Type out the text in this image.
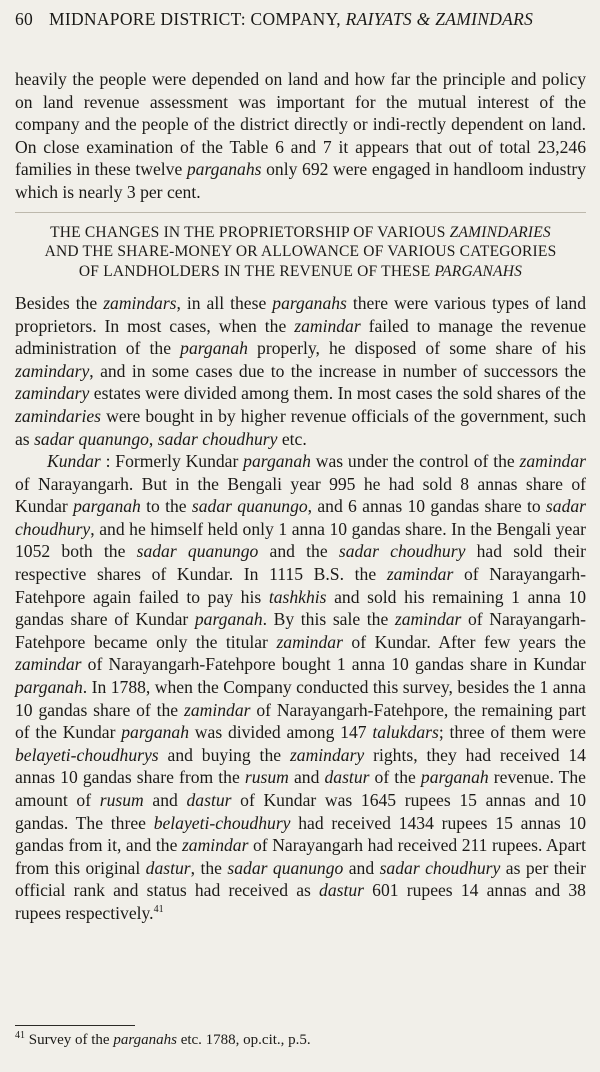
60 MIDNAPORE DISTRICT: COMPANY, RAIYATS & ZAMINDARS

heavily the people were depended on land and how far the principle and policy on land revenue assessment was important for the mutual interest of the company and the people of the district directly or indi-rectly dependent on land. On close examination of the Table 6 and 7 it appears that out of total 23,246 families in these twelve parganahs only 692 were engaged in handloom industry which is nearly 3 per cent.

THE CHANGES IN THE PROPRIETORSHIP OF VARIOUS ZAMINDARIES
AND THE SHARE-MONEY OR ALLOWANCE OF VARIOUS CATEGORIES
OF LANDHOLDERS IN THE REVENUE OF THESE PARGANAHS

Besides the zamindars, in all these parganahs there were various types of land proprietors. In most cases, when the zamindar failed to manage the revenue administration of the parganah properly, he disposed of some share of his zamindary, and in some cases due to the increase in number of successors the zamindary estates were divided among them. In most cases the sold shares of the zamindaries were bought in by higher revenue officials of the government, such as sadar quanungo, sadar choudhury etc.

Kundar : Formerly Kundar parganah was under the control of the zamindar of Narayangarh. But in the Bengali year 995 he had sold 8 annas share of Kundar parganah to the sadar quanungo, and 6 annas 10 gandas share to sadar choudhury, and he himself held only 1 anna 10 gandas share. In the Bengali year 1052 both the sadar quanungo and the sadar choudhury had sold their respective shares of Kundar. In 1115 B.S. the zamindar of Narayangarh-Fatehpore again failed to pay his tashkhis and sold his remaining 1 anna 10 gandas share of Kundar parganah. By this sale the zamindar of Narayangarh-Fatehpore became only the titular zamindar of Kundar. After few years the zamindar of Narayangarh-Fatehpore bought 1 anna 10 gandas share in Kundar parganah. In 1788, when the Company conducted this survey, besides the 1 anna 10 gandas share of the zamindar of Narayangarh-Fatehpore, the remaining part of the Kundar parganah was divided among 147 talukdars; three of them were belayeti-choudhurys and buying the zamindary rights, they had received 14 annas 10 gandas share from the rusum and dastur of the parganah revenue. The amount of rusum and dastur of Kundar was 1645 rupees 15 annas and 10 gandas. The three belayeti-choudhury had received 1434 rupees 15 annas 10 gandas from it, and the zamindar of Narayangarh had received 211 rupees. Apart from this original dastur, the sadar quanungo and sadar choudhury as per their official rank and status had received as dastur 601 rupees 14 annas and 38 rupees respectively.$^{41}$

$^{41}$ Survey of the parganahs etc. 1788, op.cit., p.5.
